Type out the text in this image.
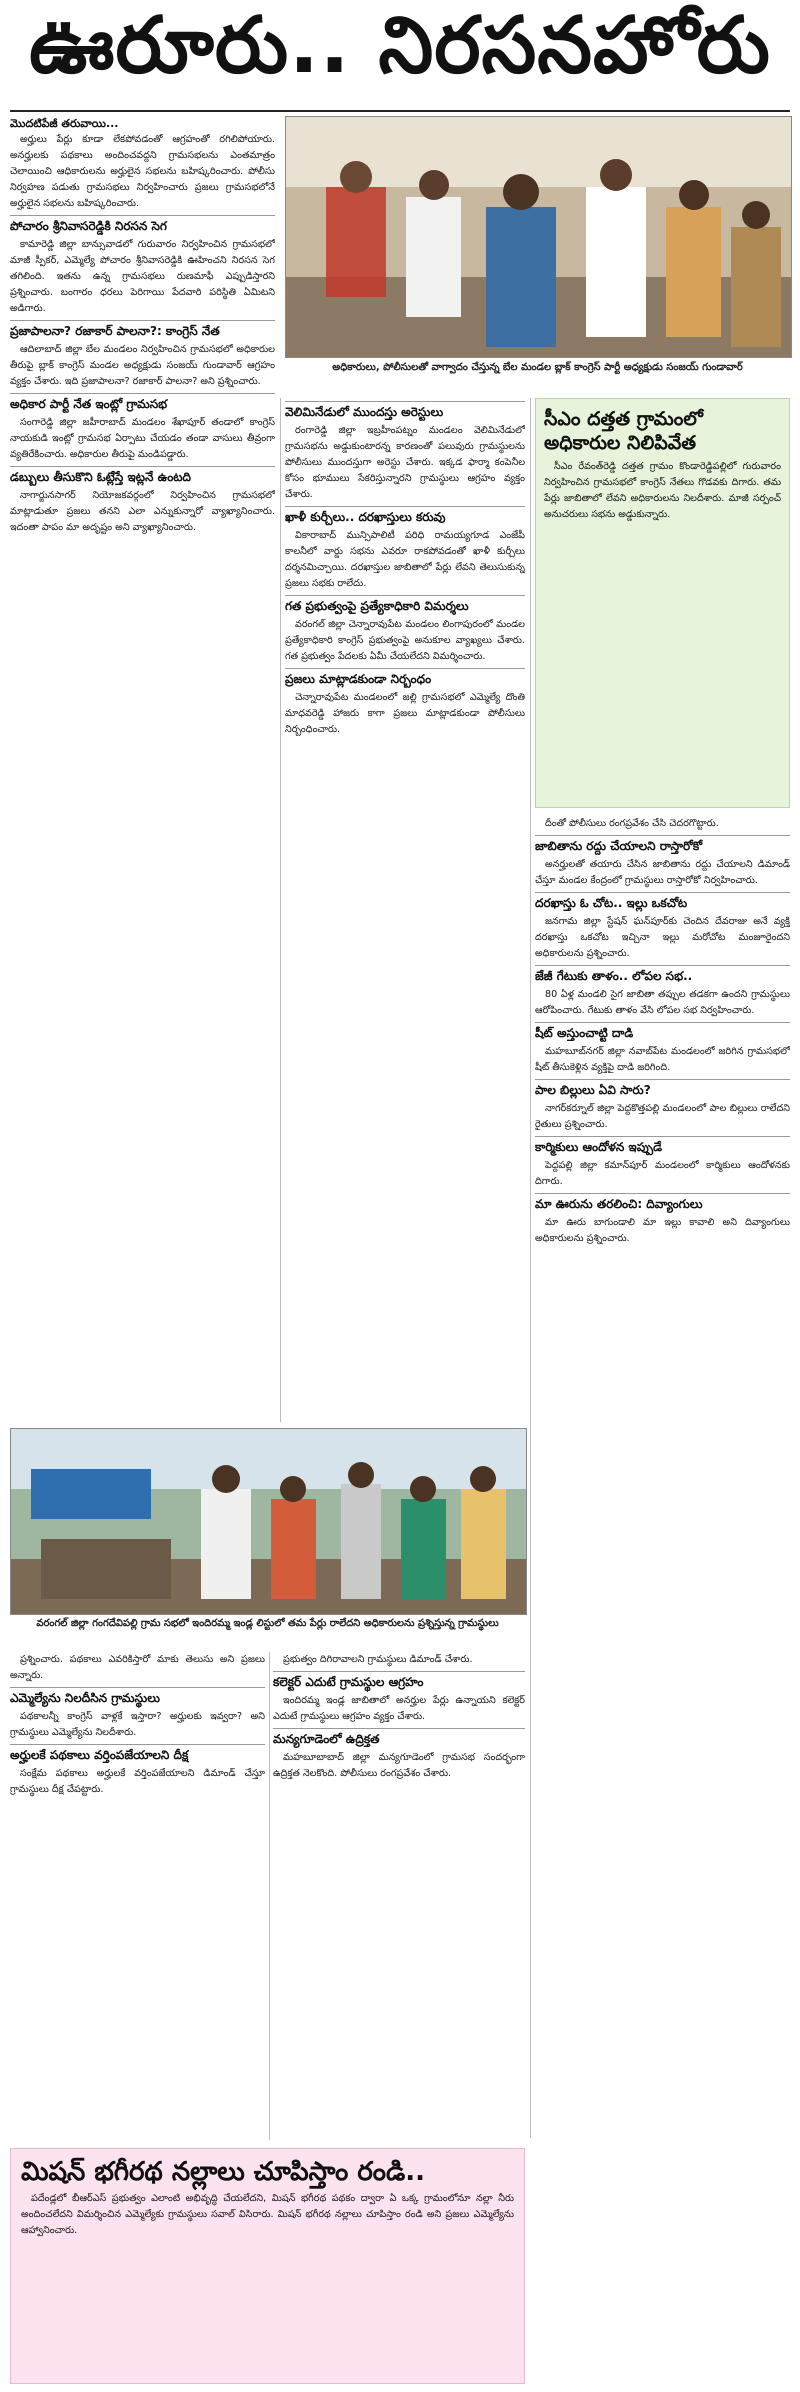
ఊరూరు.. నిరసనహోరు
మొదటిపేజీ తరువాయి...

అర్హులు పేర్లు కూడా లేకపోవడంతో ఆగ్రహంతో రగిలిపోయారు. అనర్హులకు పథకాలు అందించవద్దని గ్రామసభలను ఎంతమాత్రం చెలాయించి ఆధికారులను అర్హులైన సభలను బహిష్కరించారు. పోలీసు నిర్వహణ పడుతు గ్రామసభలు నిర్వహించారు ప్రజలు గ్రామసభలోనే అర్హులైన సభలను బహిష్కరించారు.

పోచారం శ్రీనివాసరెడ్డికి నిరసన సెగ

కామారెడ్డి జిల్లా బాన్సువాడలో గురువారం నిర్వహించిన గ్రామసభలో మాజీ స్పీకర్, ఎమ్మెల్యే పోచారం శ్రీనివాసరెడ్డికి ఊహించని నిరసన సెగ తగిలింది. ఇతను ఉన్న గ్రామసభలు రుణమాఫీ ఎప్పుడిస్తారని ప్రశ్నించారు. బంగారం ధరలు పెరిగాయి పేదవారి పరిస్థితి ఏమిటని అడిగారు.

ప్రజాపాలనా? రజాకార్ పాలనా?: కాంగ్రెస్ నేత

ఆదిలాబాద్ జిల్లా బేల మండలం నిర్వహించిన గ్రామసభలో అధికారుల తీరుపై బ్లాక్ కాంగ్రెస్ మండల అధ్యక్షుడు సంజయ్ గుండావార్ ఆగ్రహం వ్యక్తం చేశారు. ఇది ప్రజాపాలనా? రజాకార్ పాలనా? అని ప్రశ్నించారు.

అధికార పార్టీ నేత ఇంట్లో గ్రామసభ

సంగారెడ్డి జిల్లా జహీరాబాద్ మండలం శేఖాపూర్ తండాలో కాంగ్రెస్ నాయకుడి ఇంట్లో గ్రామసభ ఏర్పాటు చేయడం తండా వాసులు తీవ్రంగా వ్యతిరేకించారు. అధికారుల తీరుపై మండిపడ్డారు.

డబ్బులు తీసుకొని ఓట్లేస్తే ఇట్లనే ఉంటది

నాగార్జునసాగర్ నియోజకవర్గంలో నిర్వహించిన గ్రామసభలో మాట్లాడుతూ ప్రజలు తనని ఎలా ఎన్నుకున్నారో వ్యాఖ్యానించారు. ఇదంతా పాపం మా అదృష్టం అని వ్యాఖ్యానించారు.

అధికారులు, పోలీసులతో వాగ్వాదం చేస్తున్న బేల మండల బ్లాక్ కాంగ్రెస్ పార్టీ అధ్యక్షుడు సంజయ్ గుండావార్
వెలిమినేడులో ముందస్తు అరెస్టులు

రంగారెడ్డి జిల్లా ఇబ్రహీంపట్నం మండలం వెలిమినేడులో గ్రామసభను అడ్డుకుంటారన్న కారణంతో పలువురు గ్రామస్థులను పోలీసులు ముందస్తుగా అరెస్టు చేశారు. ఇక్కడ ఫార్మా కంపెనీల కోసం భూములు సేకరిస్తున్నారని గ్రామస్థులు ఆగ్రహం వ్యక్తం చేశారు.

ఖాళీ కుర్చీలు.. దరఖాస్తులు కరువు

వికారాబాద్ మున్సిపాలిటీ పరిధి రామయ్యగూడ ఎంజేపీ కాలనీలో వార్డు సభను ఎవరూ రాకపోవడంతో ఖాళీ కుర్చీలు దర్శనమిచ్చాయి. దరఖాస్తుల జాబితాలో పేర్లు లేవని తెలుసుకున్న ప్రజలు సభకు రాలేదు.

గత ప్రభుత్వంపై ప్రత్యేకాధికారి విమర్శలు

వరంగల్ జిల్లా చెన్నారావుపేట మండలం లింగాపురంలో మండల ప్రత్యేకాధికారి కాంగ్రెస్ ప్రభుత్వంపై అనుకూల వ్యాఖ్యలు చేశారు. గత ప్రభుత్వం పేదలకు ఏమీ చేయలేదని విమర్శించారు.

ప్రజలు మాట్లాడకుండా నిర్బంధం

చెన్నారావుపేట మండలంలో జల్లి గ్రామసభలో ఎమ్మెల్యే దొంతి మాధవరెడ్డి హాజరు కాగా ప్రజలు మాట్లాడకుండా పోలీసులు నిర్బంధించారు.

సీఎం దత్తత గ్రామంలో అధికారుల నిలిపివేత

సీఎం రేవంత్‌రెడ్డి దత్తత గ్రామం కొండారెడ్డిపల్లిలో గురువారం నిర్వహించిన గ్రామసభలో కాంగ్రెస్ నేతలు గొడవకు దిగారు. తమ పేర్లు జాబితాలో లేవని అధికారులను నిలదీశారు. మాజీ సర్పంచ్ అనుచరులు సభను అడ్డుకున్నారు.

దీంతో పోలీసులు రంగప్రవేశం చేసి చెదరగొట్టారు.

జాబితాను రద్దు చేయాలని రాస్తారోకో

అనర్హులతో తయారు చేసిన జాబితాను రద్దు చేయాలని డిమాండ్ చేస్తూ మండల కేంద్రంలో గ్రామస్థులు రాస్తారోకో నిర్వహించారు.

దరఖాస్తు ఓ చోట.. ఇల్లు ఒకచోట

జనగామ జిల్లా స్టేషన్ ఘన్‌పూర్‌కు చెందిన దేవరాజు అనే వ్యక్తి దరఖాస్తు ఒకచోట ఇచ్చినా ఇల్లు మరోచోట మంజూరైందని అధికారులను ప్రశ్నించారు.

జేజీ గేటుకు తాళం.. లోపల సభ..

80 ఏళ్ల మండలి సైగ జాబితా తప్పుల తడకగా ఉందని గ్రామస్థులు ఆరోపించారు. గేటుకు తాళం వేసి లోపల సభ నిర్వహించారు.

షీట్ అస్తుంచాట్టి దాడి

మహబూబ్‌నగర్ జిల్లా నవాబ్‌పేట మండలంలో జరిగిన గ్రామసభలో షీట్ తీసుకెళ్లిన వ్యక్తిపై దాడి జరిగింది.

పాల బిల్లులు ఏవి సారు?

నాగర్‌కర్నూల్ జిల్లా పెద్దకొత్తపల్లి మండలంలో పాల బిల్లులు రాలేదని రైతులు ప్రశ్నించారు.

కార్మికులు ఆందోళన ఇప్పుడే

పెద్దపల్లి జిల్లా కమాన్‌పూర్ మండలంలో కార్మికులు ఆందోళనకు దిగారు.

మా ఊరును తరలించి: దివ్యాంగులు

మా ఊరు బాగుండాలి మా ఇల్లు కావాలి అని దివ్యాంగులు అధికారులను ప్రశ్నించారు.

వరంగల్ జిల్లా గంగదేవిపల్లి గ్రామ సభలో ఇందిరమ్మ ఇండ్ల లిస్టులో తమ పేర్లు రాలేదని అధికారులను ప్రశ్నిస్తున్న గ్రామస్థులు

ప్రశ్నించారు. పథకాలు ఎవరికిస్తారో మాకు తెలుసు అని ప్రజలు అన్నారు.

ఎమ్మెల్యేను నిలదీసిన గ్రామస్థులు

పథకాలన్నీ కాంగ్రెస్ వాళ్లకే ఇస్తారా? అర్హులకు ఇవ్వరా? అని గ్రామస్థులు ఎమ్మెల్యేను నిలదీశారు.

అర్హులకే పథకాలు వర్తింపజేయాలని దీక్ష

సంక్షేమ పథకాలు అర్హులకే వర్తింపజేయాలని డిమాండ్ చేస్తూ గ్రామస్థులు దీక్ష చేపట్టారు.

ప్రభుత్వం దిగిరావాలని గ్రామస్థులు డిమాండ్ చేశారు.

కలెక్టర్ ఎదుటే గ్రామస్థుల ఆగ్రహం

ఇందిరమ్మ ఇండ్ల జాబితాలో అనర్హుల పేర్లు ఉన్నాయని కలెక్టర్ ఎదుటే గ్రామస్థులు ఆగ్రహం వ్యక్తం చేశారు.

మన్యగూడెంలో ఉద్రిక్తత

మహబూబాబాద్ జిల్లా మన్యగూడెంలో గ్రామసభ సందర్భంగా ఉద్రిక్తత నెలకొంది. పోలీసులు రంగప్రవేశం చేశారు.

మిషన్ భగీరథ నల్లాలు చూపిస్తాం రండి..

పదేండ్లలో బీఆర్‌ఎస్ ప్రభుత్వం ఎలాంటి అభివృద్ధి చేయలేదని, మిషన్ భగీరథ పథకం ద్వారా ఏ ఒక్క గ్రామంలోనూ నల్లా నీరు అందించలేదని విమర్శించిన ఎమ్మెల్యేకు గ్రామస్థులు సవాల్ విసిరారు. మిషన్ భగీరథ నల్లాలు చూపిస్తాం రండి అని ప్రజలు ఎమ్మెల్యేను ఆహ్వానించారు.
